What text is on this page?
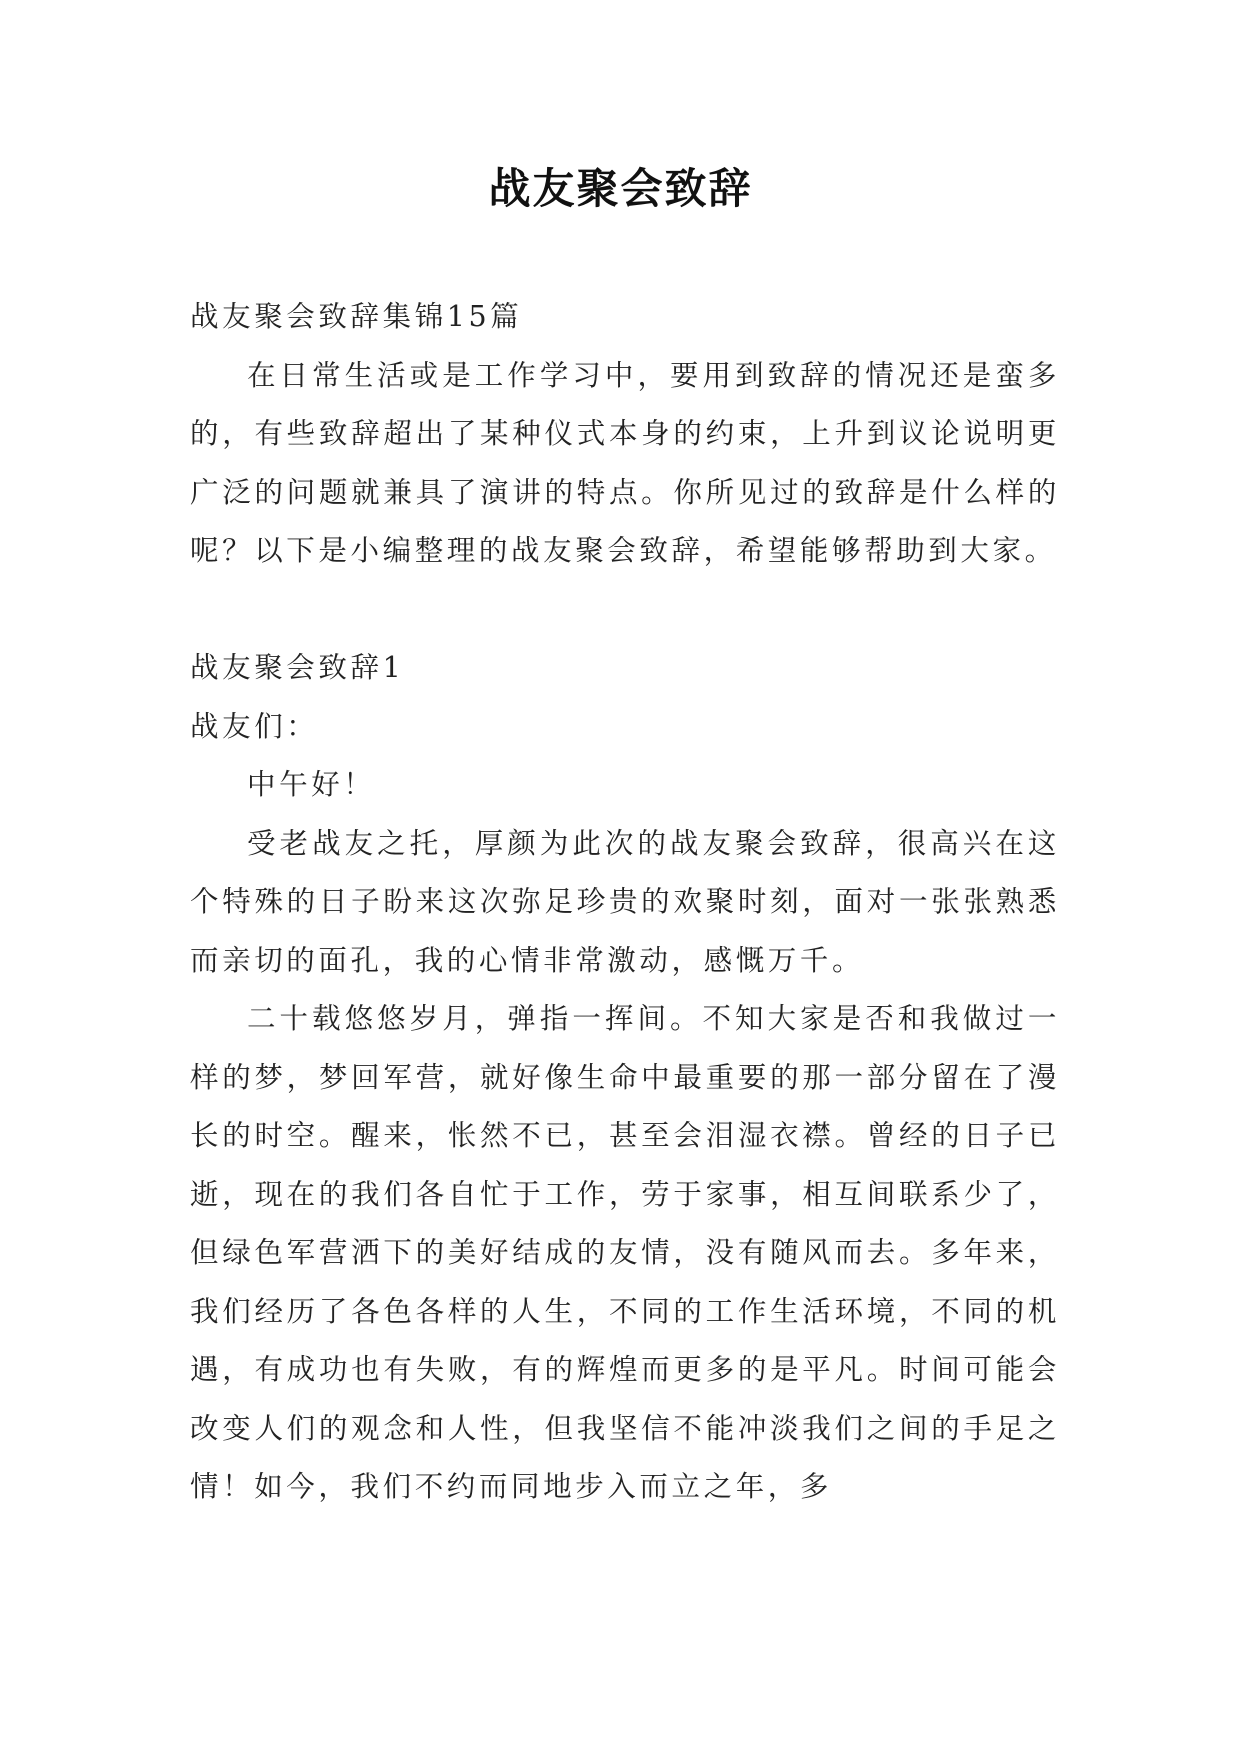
战友聚会致辞

战友聚会致辞集锦15篇

在日常生活或是工作学习中，要用到致辞的情况还是蛮多的，有些致辞超出了某种仪式本身的约束，上升到议论说明更广泛的问题就兼具了演讲的特点。你所见过的致辞是什么样的呢？以下是小编整理的战友聚会致辞，希望能够帮助到大家。

战友聚会致辞1

战友们：

中午好！

受老战友之托，厚颜为此次的战友聚会致辞，很高兴在这个特殊的日子盼来这次弥足珍贵的欢聚时刻，面对一张张熟悉而亲切的面孔，我的心情非常激动，感慨万千。

二十载悠悠岁月，弹指一挥间。不知大家是否和我做过一样的梦，梦回军营，就好像生命中最重要的那一部分留在了漫长的时空。醒来，怅然不已，甚至会泪湿衣襟。曾经的日子已逝，现在的我们各自忙于工作，劳于家事，相互间联系少了，但绿色军营洒下的美好结成的友情，没有随风而去。多年来，我们经历了各色各样的人生，不同的工作生活环境，不同的机遇，有成功也有失败，有的辉煌而更多的是平凡。时间可能会改变人们的观念和人性，但我坚信不能冲淡我们之间的手足之情！如今，我们不约而同地步入而立之年，多
